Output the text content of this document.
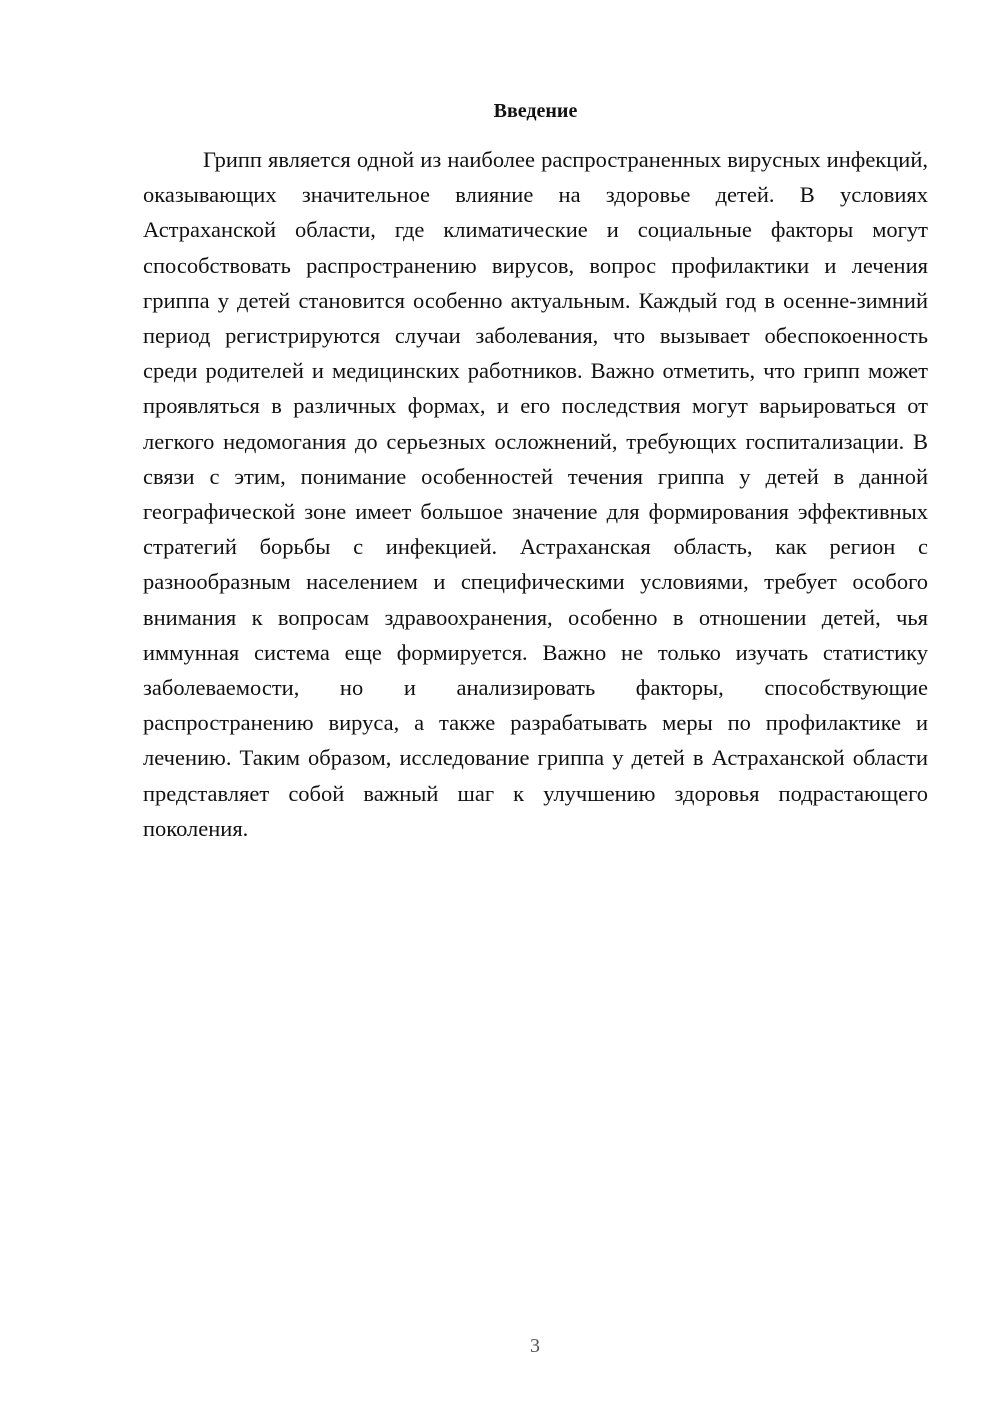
Введение

Грипп является одной из наиболее распространенных вирусных инфекций, оказывающих значительное влияние на здоровье детей. В условиях Астраханской области, где климатические и социальные факторы могут способствовать распространению вирусов, вопрос профилактики и лечения гриппа у детей становится особенно актуальным. Каждый год в осенне-зимний период регистрируются случаи заболевания, что вызывает обеспокоенность среди родителей и медицинских работников. Важно отметить, что грипп может проявляться в различных формах, и его последствия могут варьироваться от легкого недомогания до серьезных осложнений, требующих госпитализации. В связи с этим, понимание особенностей течения гриппа у детей в данной географической зоне имеет большое значение для формирования эффективных стратегий борьбы с инфекцией. Астраханская область, как регион с разнообразным населением и специфическими условиями, требует особого внимания к вопросам здравоохранения, особенно в отношении детей, чья иммунная система еще формируется. Важно не только изучать статистику заболеваемости, но и анализировать факторы, способствующие распространению вируса, а также разрабатывать меры по профилактике и лечению. Таким образом, исследование гриппа у детей в Астраханской области представляет собой важный шаг к улучшению здоровья подрастающего поколения.

3
